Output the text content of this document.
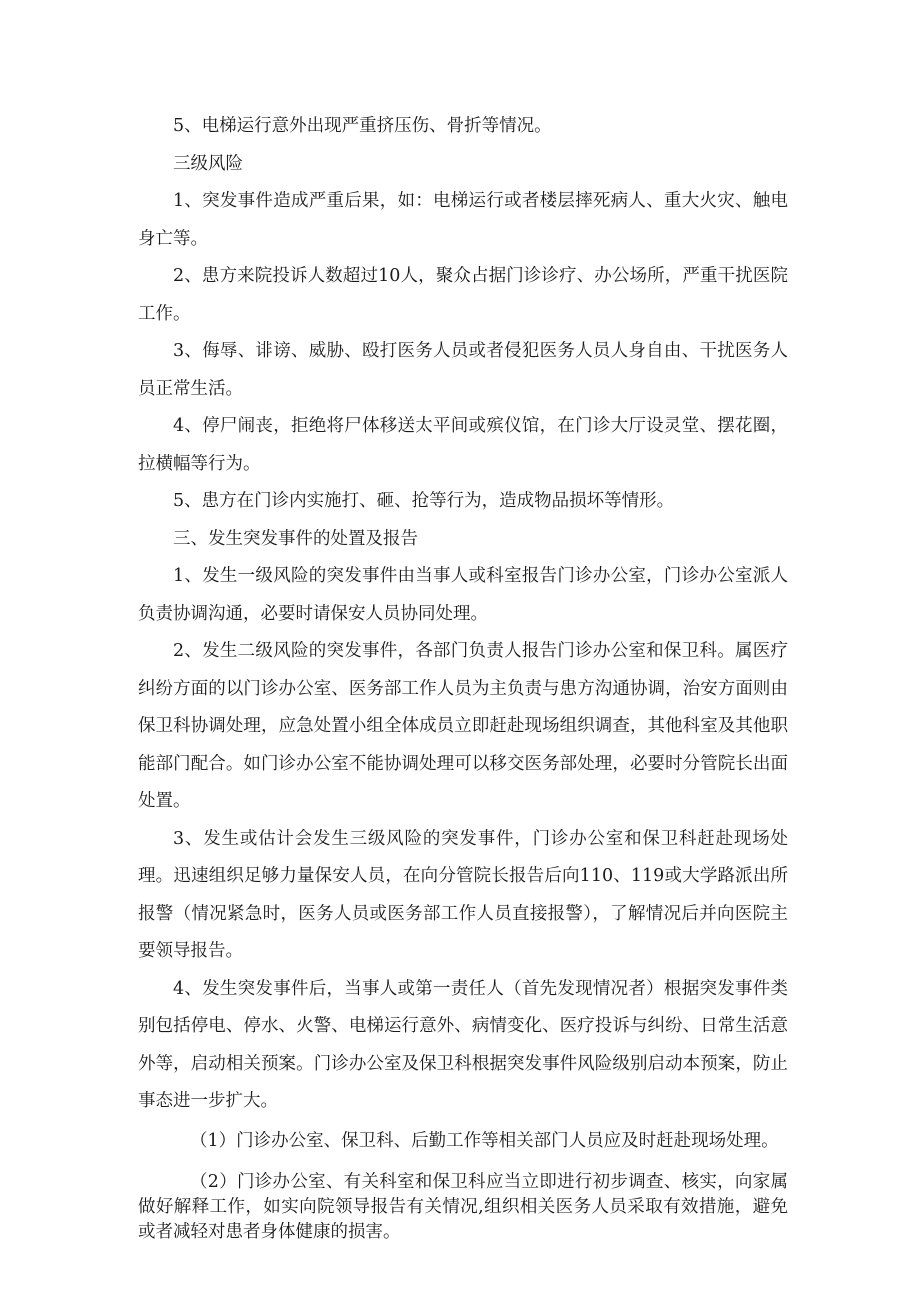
5、电梯运行意外出现严重挤压伤、骨折等情况。

三级风险

1、突发事件造成严重后果，如：电梯运行或者楼层摔死病人、重大火灾、触电身亡等。

2、患方来院投诉人数超过10人，聚众占据门诊诊疗、办公场所，严重干扰医院工作。

3、侮辱、诽谤、威胁、殴打医务人员或者侵犯医务人员人身自由、干扰医务人员正常生活。

4、停尸闹丧，拒绝将尸体移送太平间或殡仪馆，在门诊大厅设灵堂、摆花圈，拉横幅等行为。

5、患方在门诊内实施打、砸、抢等行为，造成物品损坏等情形。

三、发生突发事件的处置及报告

1、发生一级风险的突发事件由当事人或科室报告门诊办公室，门诊办公室派人负责协调沟通，必要时请保安人员协同处理。

2、发生二级风险的突发事件，各部门负责人报告门诊办公室和保卫科。属医疗纠纷方面的以门诊办公室、医务部工作人员为主负责与患方沟通协调，治安方面则由保卫科协调处理，应急处置小组全体成员立即赶赴现场组织调查，其他科室及其他职能部门配合。如门诊办公室不能协调处理可以移交医务部处理，必要时分管院长出面处置。

3、发生或估计会发生三级风险的突发事件，门诊办公室和保卫科赶赴现场处理。迅速组织足够力量保安人员，在向分管院长报告后向110、119或大学路派出所报警（情况紧急时，医务人员或医务部工作人员直接报警），了解情况后并向医院主要领导报告。

4、发生突发事件后，当事人或第一责任人（首先发现情况者）根据突发事件类别包括停电、停水、火警、电梯运行意外、病情变化、医疗投诉与纠纷、日常生活意外等，启动相关预案。门诊办公室及保卫科根据突发事件风险级别启动本预案，防止事态进一步扩大。

（1）门诊办公室、保卫科、后勤工作等相关部门人员应及时赶赴现场处理。

（2）门诊办公室、有关科室和保卫科应当立即进行初步调查、核实，向家属做好解释工作，如实向院领导报告有关情况,组织相关医务人员采取有效措施，避免或者减轻对患者身体健康的损害。
